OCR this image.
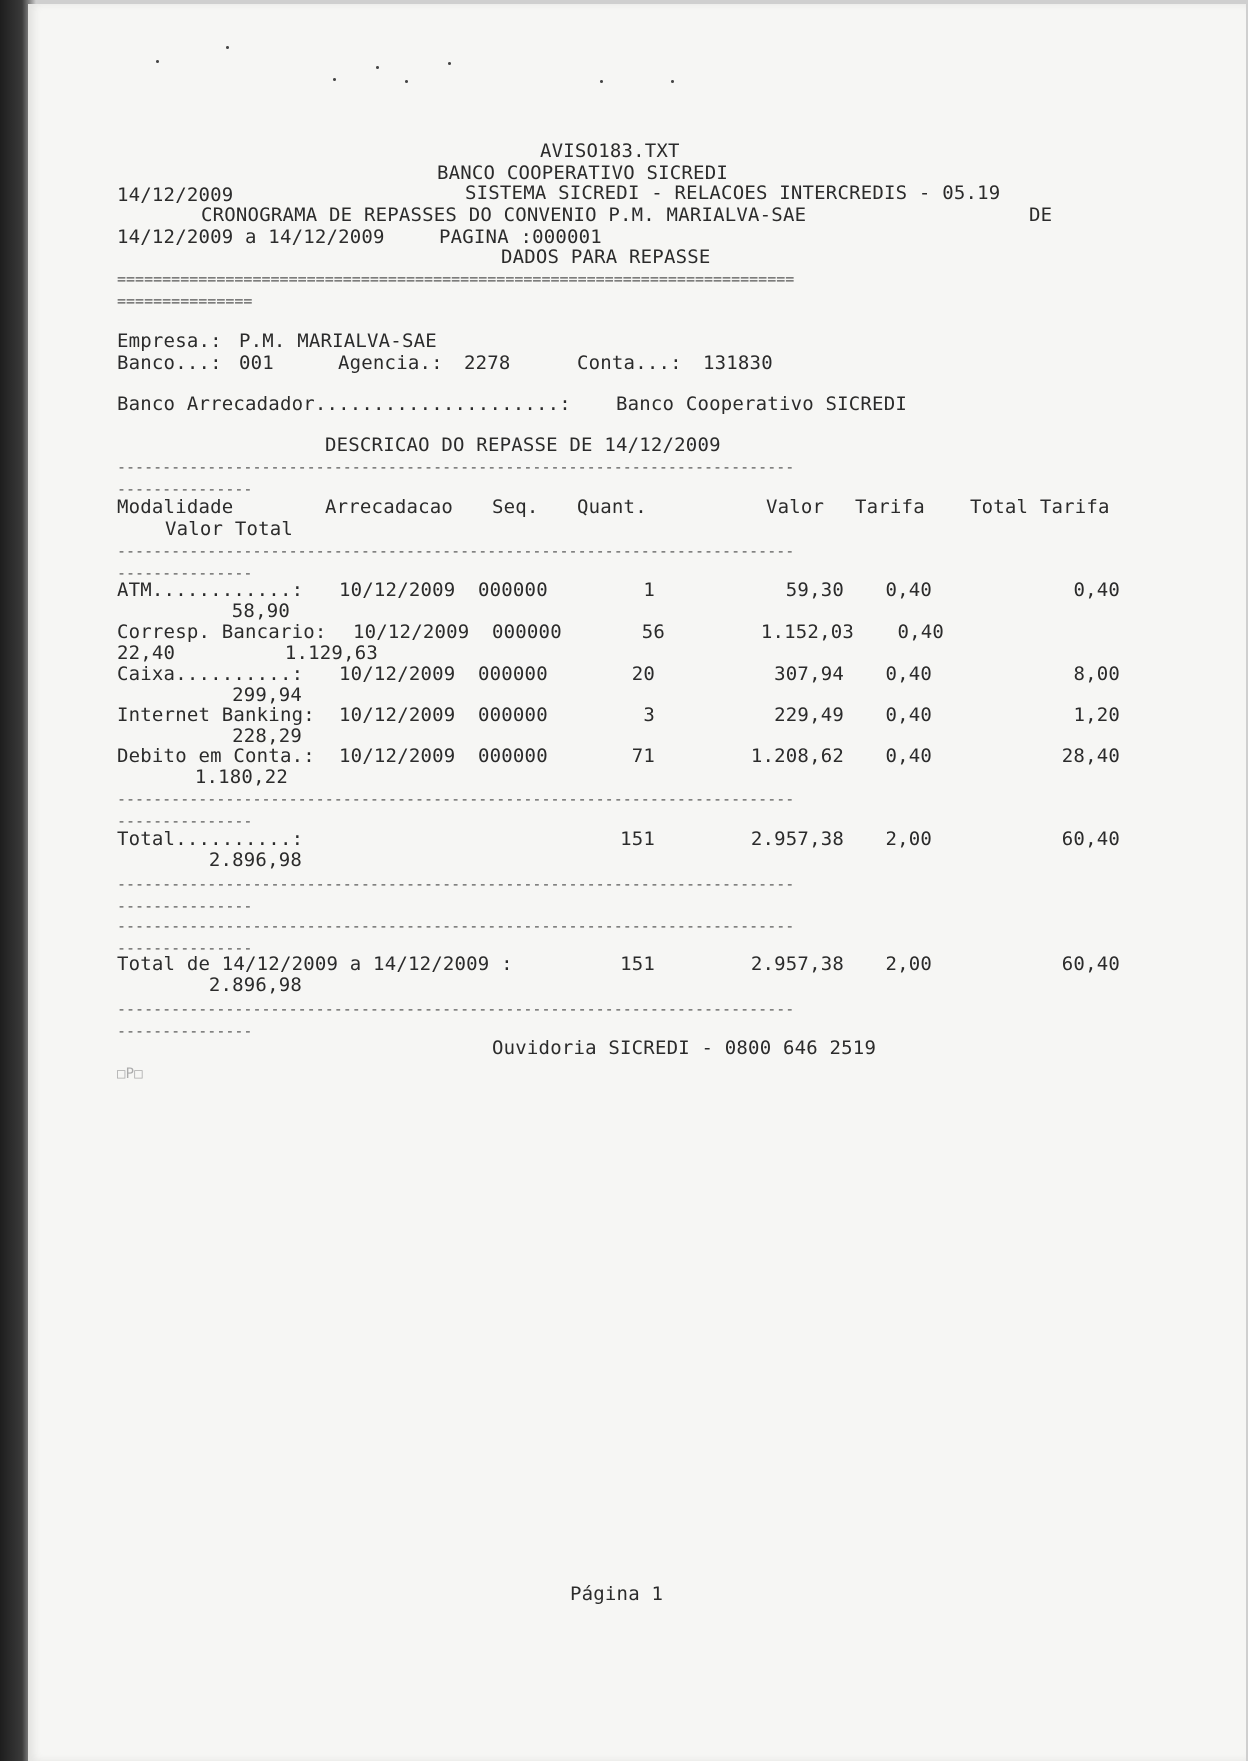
AVISO183.TXT
BANCO COOPERATIVO SICREDI
14/12/2009	SISTEMA SICREDI - RELACOES INTERCREDIS - 05.19
CRONOGRAMA DE REPASSES DO CONVENIO P.M. MARIALVA-SAE	DE
14/12/2009 a 14/12/2009	PAGINA :000001
DADOS PARA REPASSE
===========================================================================
===============
Empresa.: P.M. MARIALVA-SAE
Banco...: 001	Agencia.: 2278	Conta...: 131830
Banco Arrecadador.....................: Banco Cooperativo SICREDI
DESCRICAO DO REPASSE DE 14/12/2009
---------------------------------------------------------------------------
---------------
Modalidade	Arrecadacao Seq. Quant.	Valor Tarifa Total Tarifa
Valor Total
---------------------------------------------------------------------------
---------------
ATM............: 10/12/2009 000000	1	59,30	0,40	0,40
58,90
Corresp. Bancario: 10/12/2009 000000	56	1.152,03	0,40
22,40	1.129,63
Caixa..........: 10/12/2009 000000	20	307,94	0,40	8,00
299,94
Internet Banking: 10/12/2009 000000	3	229,49	0,40	1,20
228,29
Debito em Conta.: 10/12/2009 000000	71	1.208,62	0,40	28,40
1.180,22
---------------------------------------------------------------------------
---------------
Total..........:	151	2.957,38	2,00	60,40
2.896,98
---------------------------------------------------------------------------
---------------
---------------------------------------------------------------------------
---------------
Total de 14/12/2009 a 14/12/2009 :	151	2.957,38	2,00	60,40
2.896,98
---------------------------------------------------------------------------
---------------
Ouvidoria SICREDI - 0800 646 2519
□P□
Página 1
